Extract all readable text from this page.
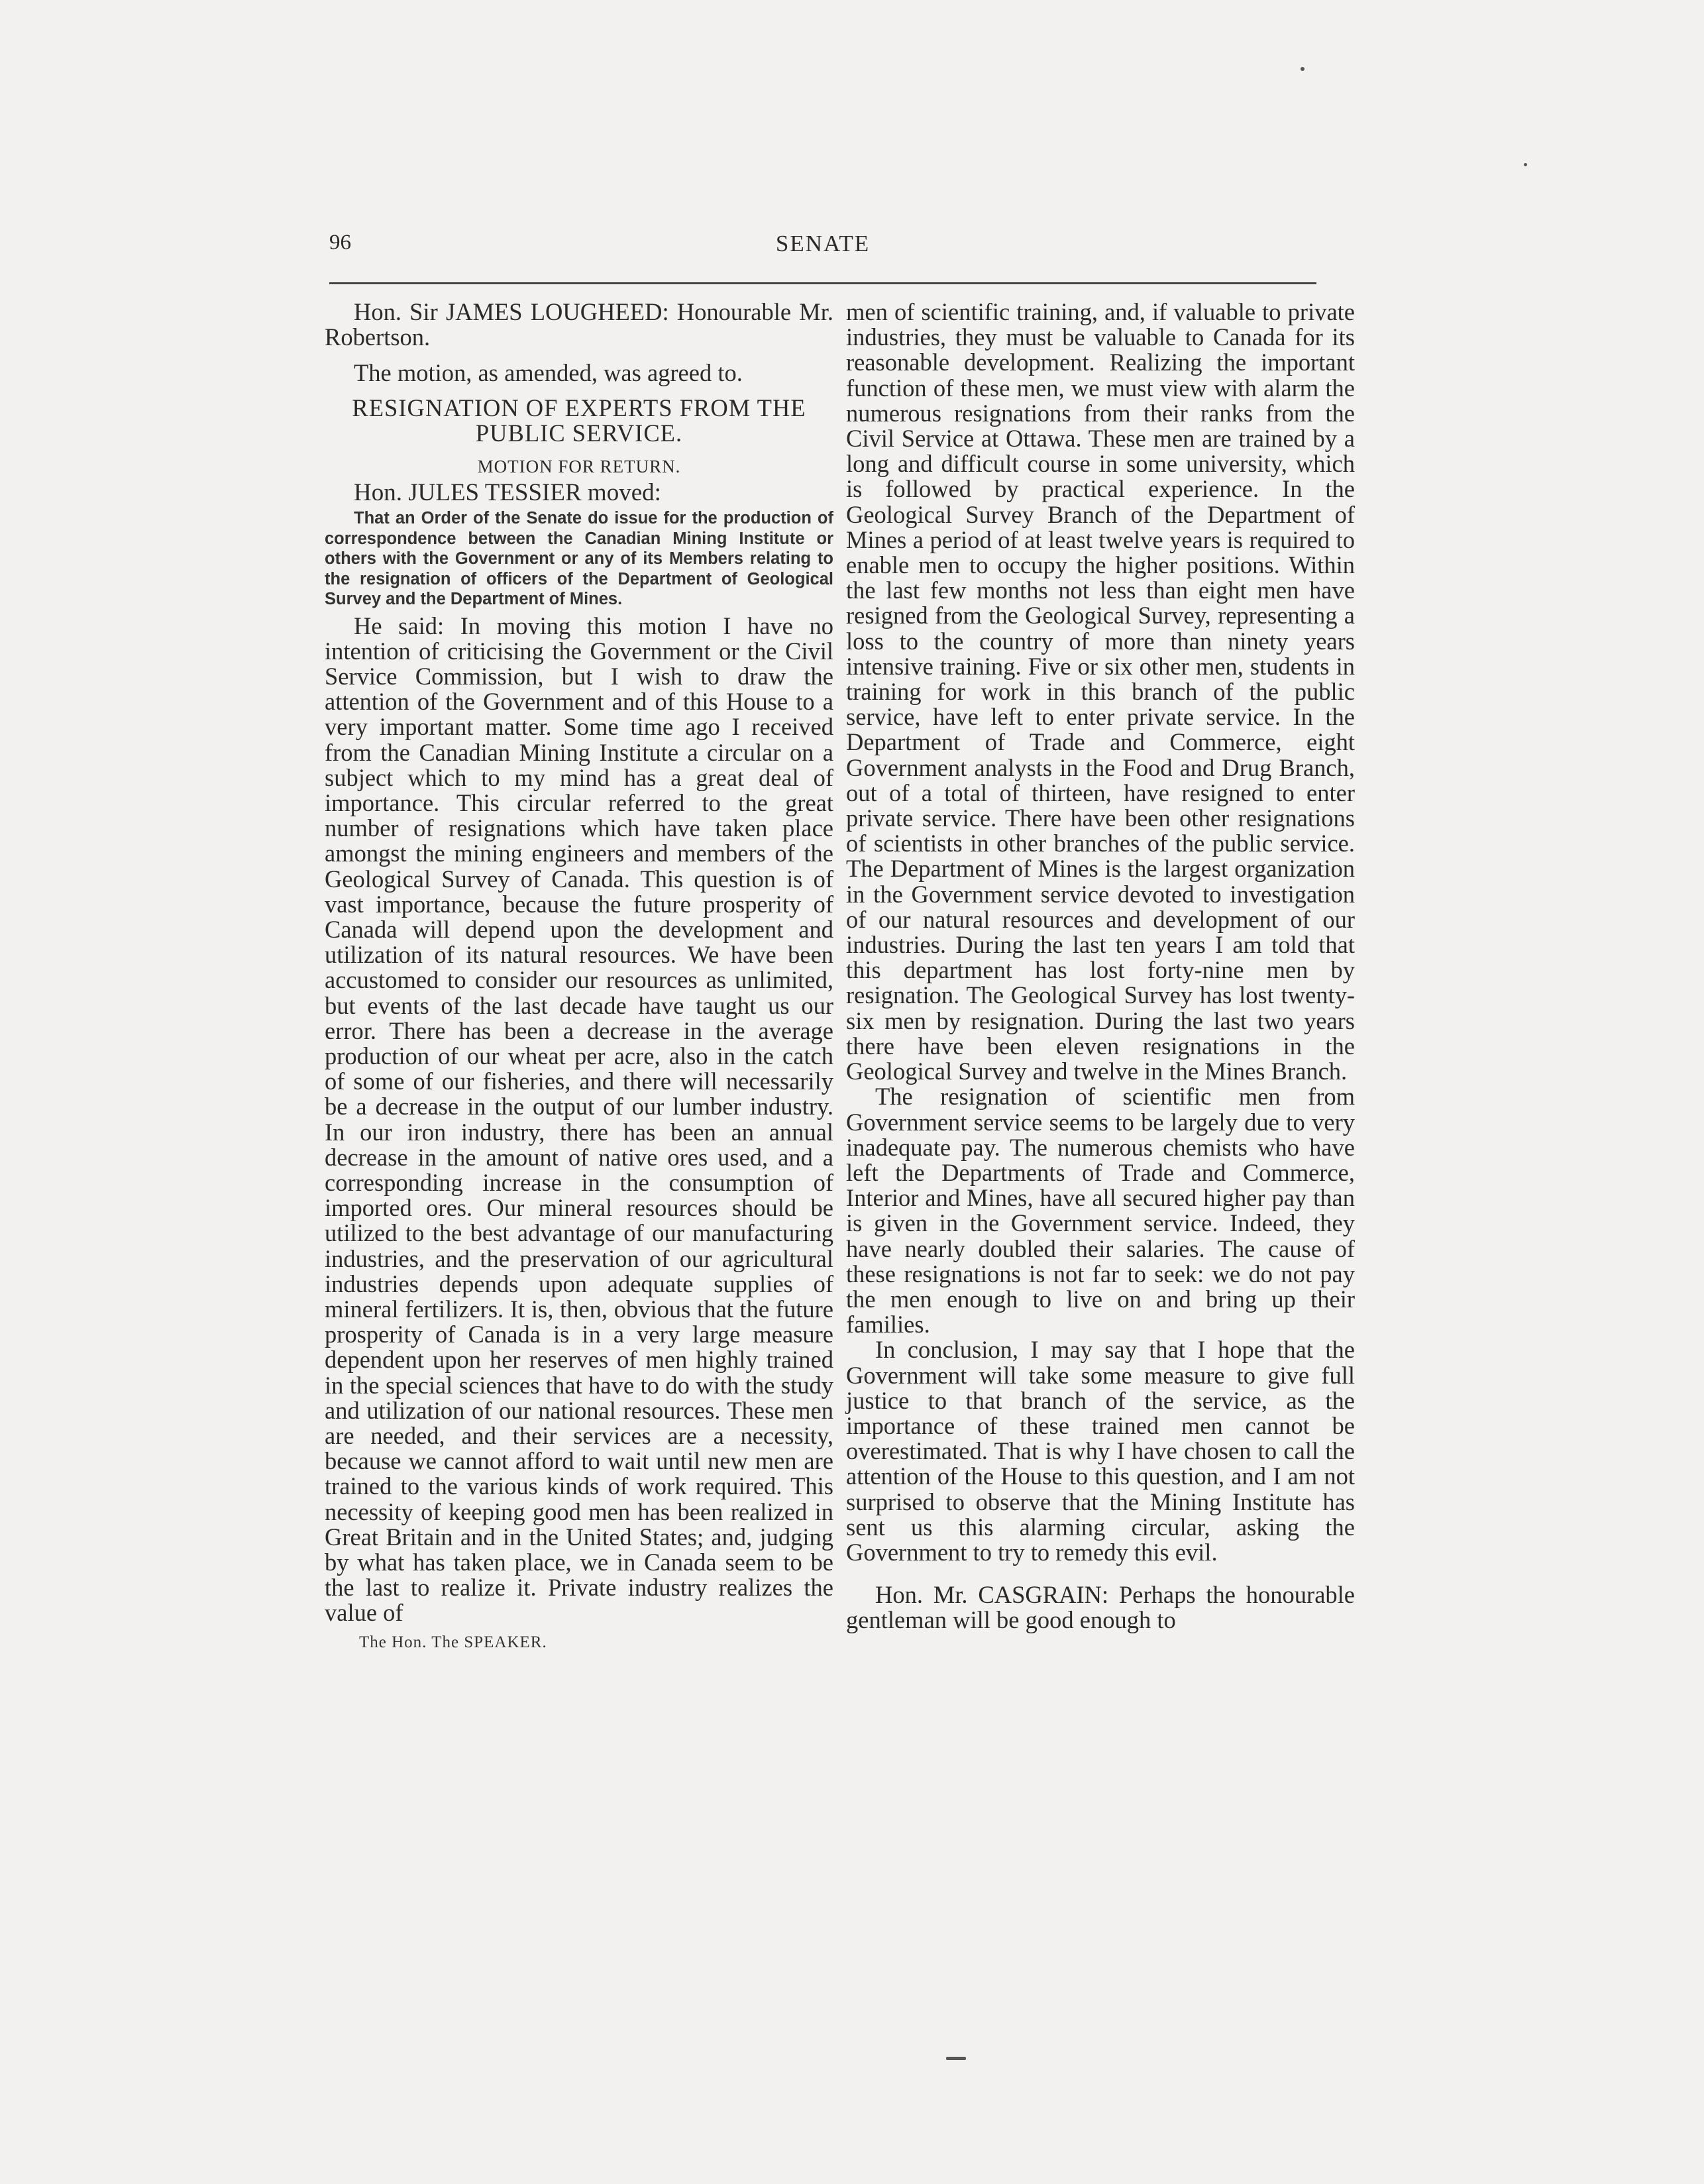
96	SENATE

Hon. Sir JAMES LOUGHEED: Honourable Mr. Robertson.

The motion, as amended, was agreed to.

RESIGNATION OF EXPERTS FROM THE PUBLIC SERVICE.

MOTION FOR RETURN.

Hon. JULES TESSIER moved:

That an Order of the Senate do issue for the production of correspondence between the Canadian Mining Institute or others with the Government or any of its Members relating to the resignation of officers of the Department of Geological Survey and the Department of Mines.

He said: In moving this motion I have no intention of criticising the Government or the Civil Service Commission, but I wish to draw the attention of the Government and of this House to a very important matter. Some time ago I received from the Canadian Mining Institute a circular on a subject which to my mind has a great deal of importance. This circular referred to the great number of resignations which have taken place amongst the mining engineers and members of the Geological Survey of Canada. This question is of vast importance, because the future prosperity of Canada will depend upon the development and utilization of its natural resources. We have been accustomed to consider our resources as unlimited, but events of the last decade have taught us our error. There has been a decrease in the average production of our wheat per acre, also in the catch of some of our fisheries, and there will necessarily be a decrease in the output of our lumber industry. In our iron industry, there has been an annual decrease in the amount of native ores used, and a corresponding increase in the consumption of imported ores. Our mineral resources should be utilized to the best advantage of our manufacturing industries, and the preservation of our agricultural industries depends upon adequate supplies of mineral fertilizers. It is, then, obvious that the future prosperity of Canada is in a very large measure dependent upon her reserves of men highly trained in the special sciences that have to do with the study and utilization of our national resources. These men are needed, and their services are a necessity, because we cannot afford to wait until new men are trained to the various kinds of work required. This necessity of keeping good men has been realized in Great Britain and in the United States; and, judging by what has taken place, we in Canada seem to be the last to realize it. Private industry realizes the value of

The Hon. The SPEAKER.

men of scientific training, and, if valuable to private industries, they must be valuable to Canada for its reasonable development. Realizing the important function of these men, we must view with alarm the numerous resignations from their ranks from the Civil Service at Ottawa. These men are trained by a long and difficult course in some university, which is followed by practical experience. In the Geological Survey Branch of the Department of Mines a period of at least twelve years is required to enable men to occupy the higher positions. Within the last few months not less than eight men have resigned from the Geological Survey, representing a loss to the country of more than ninety years intensive training. Five or six other men, students in training for work in this branch of the public service, have left to enter private service. In the Department of Trade and Commerce, eight Government analysts in the Food and Drug Branch, out of a total of thirteen, have resigned to enter private service. There have been other resignations of scientists in other branches of the public service. The Department of Mines is the largest organization in the Government service devoted to investigation of our natural resources and development of our industries. During the last ten years I am told that this department has lost forty-nine men by resignation. The Geological Survey has lost twenty-six men by resignation. During the last two years there have been eleven resignations in the Geological Survey and twelve in the Mines Branch.

The resignation of scientific men from Government service seems to be largely due to very inadequate pay. The numerous chemists who have left the Departments of Trade and Commerce, Interior and Mines, have all secured higher pay than is given in the Government service. Indeed, they have nearly doubled their salaries. The cause of these resignations is not far to seek: we do not pay the men enough to live on and bring up their families.

In conclusion, I may say that I hope that the Government will take some measure to give full justice to that branch of the service, as the importance of these trained men cannot be overestimated. That is why I have chosen to call the attention of the House to this question, and I am not surprised to observe that the Mining Institute has sent us this alarming circular, asking the Government to try to remedy this evil.

Hon. Mr. CASGRAIN: Perhaps the honourable gentleman will be good enough to
